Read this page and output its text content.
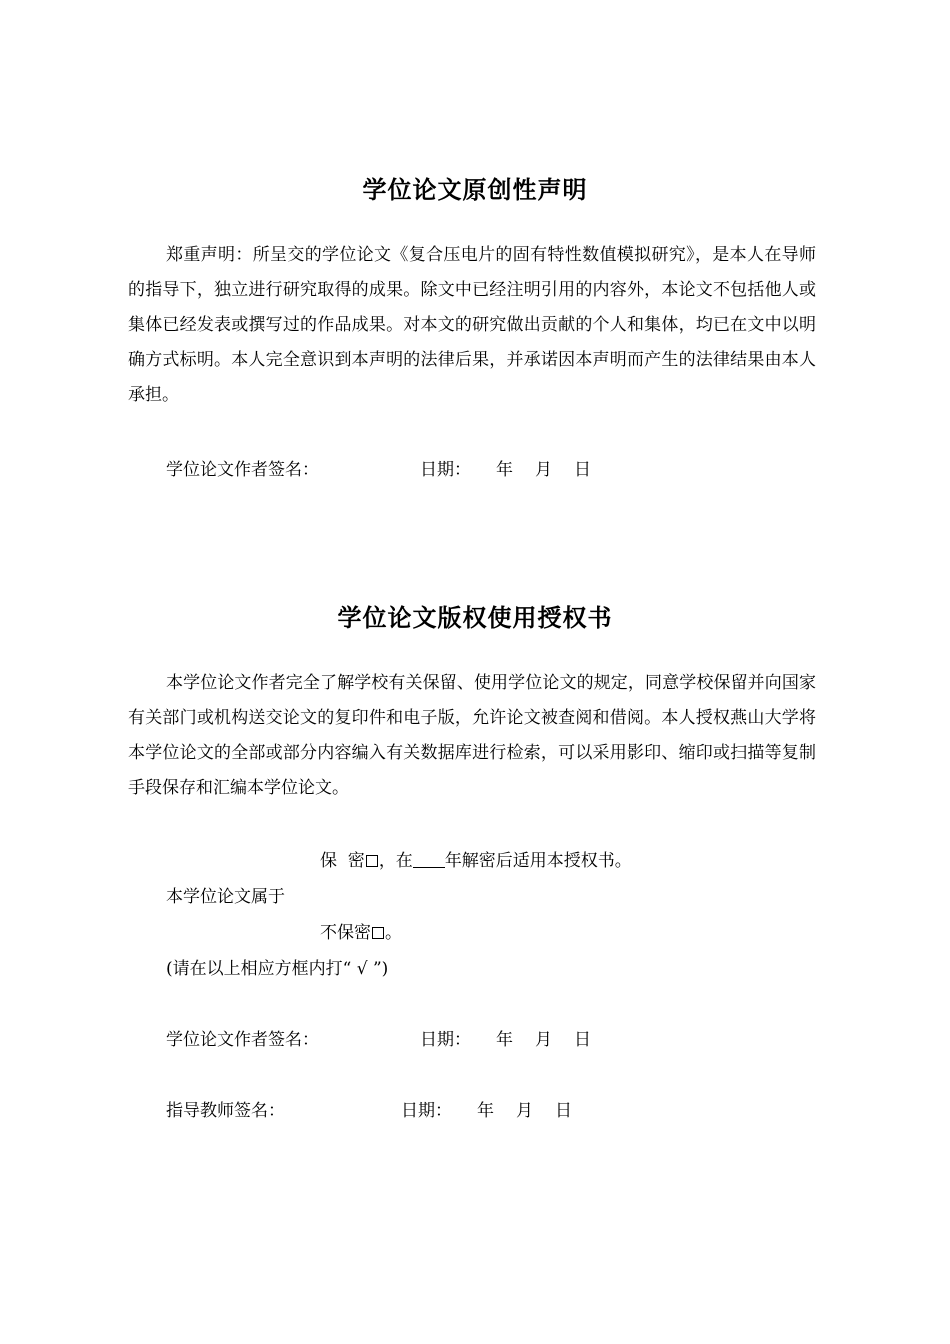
学位论文原创性声明
郑重声明：所呈交的学位论文《复合压电片的固有特性数值模拟研究》，是本人在导师的指导下，独立进行研究取得的成果。除文中已经注明引用的内容外，本论文不包括他人或集体已经发表或撰写过的作品成果。对本文的研究做出贡献的个人和集体，均已在文中以明确方式标明。本人完全意识到本声明的法律后果，并承诺因本声明而产生的法律结果由本人承担。
学位论文作者签名：	日期： 年 月 日
学位论文版权使用授权书
本学位论文作者完全了解学校有关保留、使用学位论文的规定，同意学校保留并向国家有关部门或机构送交论文的复印件和电子版，允许论文被查阅和借阅。本人授权燕山大学将本学位论文的全部或部分内容编入有关数据库进行检索，可以采用影印、缩印或扫描等复制手段保存和汇编本学位论文。
保  密 ，在 年解密后适用本授权书。
本学位论文属于
不保密 。
(请在以上相应方框内打“ √ ”)
学位论文作者签名：	日期： 年 月 日
指导教师签名：	日期： 年 月 日
